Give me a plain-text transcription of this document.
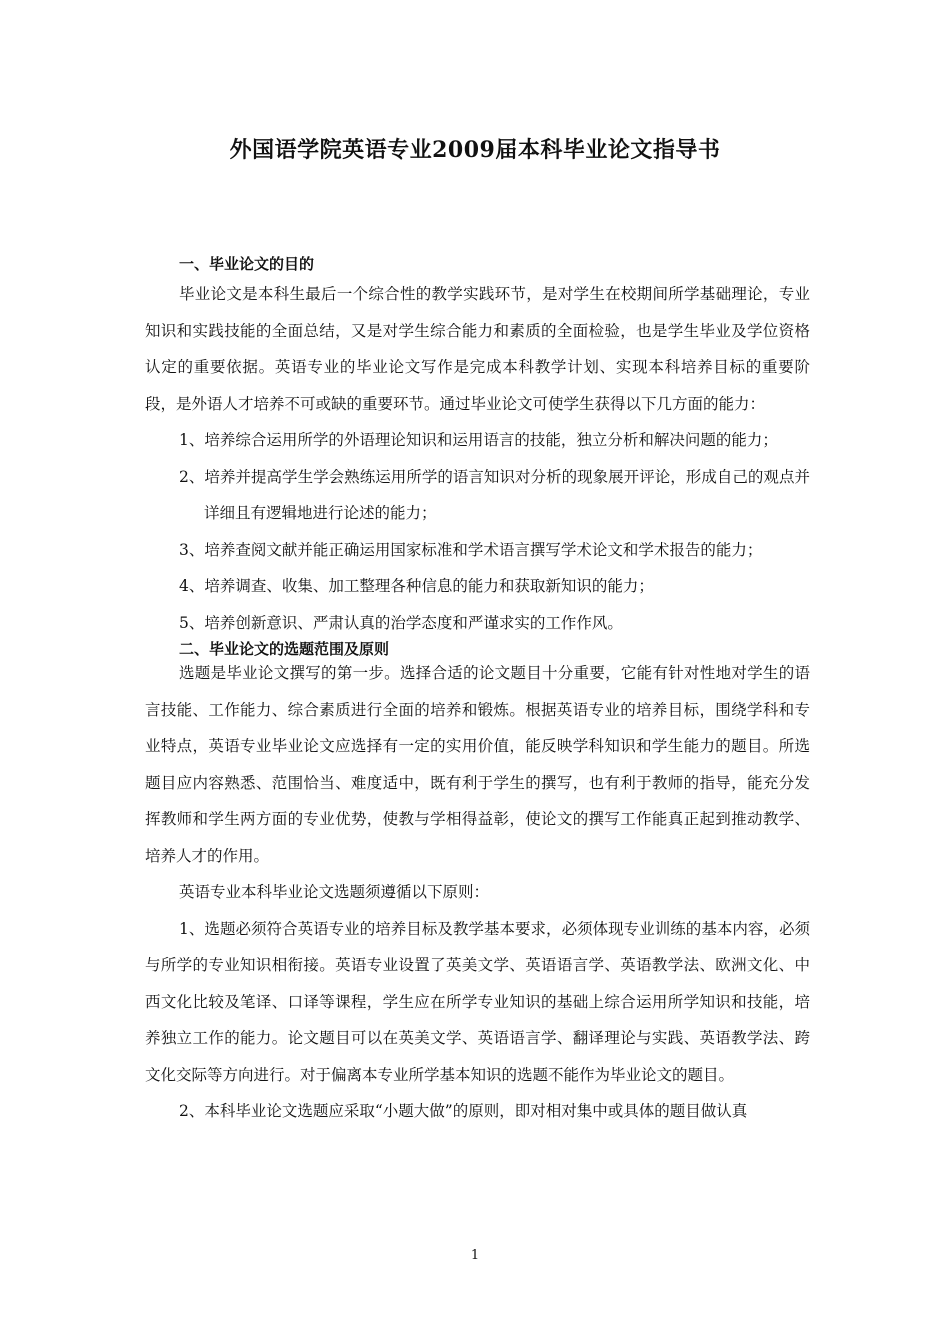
外国语学院英语专业2009届本科毕业论文指导书

一、毕业论文的目的

毕业论文是本科生最后一个综合性的教学实践环节，是对学生在校期间所学基础理论，专业知识和实践技能的全面总结，又是对学生综合能力和素质的全面检验，也是学生毕业及学位资格认定的重要依据。英语专业的毕业论文写作是完成本科教学计划、实现本科培养目标的重要阶段，是外语人才培养不可或缺的重要环节。通过毕业论文可使学生获得以下几方面的能力：

1、培养综合运用所学的外语理论知识和运用语言的技能，独立分析和解决问题的能力；

2、培养并提高学生学会熟练运用所学的语言知识对分析的现象展开评论，形成自己的观点并详细且有逻辑地进行论述的能力；

3、培养查阅文献并能正确运用国家标准和学术语言撰写学术论文和学术报告的能力；

4、培养调查、收集、加工整理各种信息的能力和获取新知识的能力；

5、培养创新意识、严肃认真的治学态度和严谨求实的工作作风。

二、毕业论文的选题范围及原则

选题是毕业论文撰写的第一步。选择合适的论文题目十分重要，它能有针对性地对学生的语言技能、工作能力、综合素质进行全面的培养和锻炼。根据英语专业的培养目标，围绕学科和专业特点，英语专业毕业论文应选择有一定的实用价值，能反映学科知识和学生能力的题目。所选题目应内容熟悉、范围恰当、难度适中，既有利于学生的撰写，也有利于教师的指导，能充分发挥教师和学生两方面的专业优势，使教与学相得益彰，使论文的撰写工作能真正起到推动教学、培养人才的作用。

英语专业本科毕业论文选题须遵循以下原则：

1、选题必须符合英语专业的培养目标及教学基本要求，必须体现专业训练的基本内容，必须与所学的专业知识相衔接。英语专业设置了英美文学、英语语言学、英语教学法、欧洲文化、中西文化比较及笔译、口译等课程，学生应在所学专业知识的基础上综合运用所学知识和技能，培养独立工作的能力。论文题目可以在英美文学、英语语言学、翻译理论与实践、英语教学法、跨文化交际等方向进行。对于偏离本专业所学基本知识的选题不能作为毕业论文的题目。

2、本科毕业论文选题应采取“小题大做”的原则，即对相对集中或具体的题目做认真

1
